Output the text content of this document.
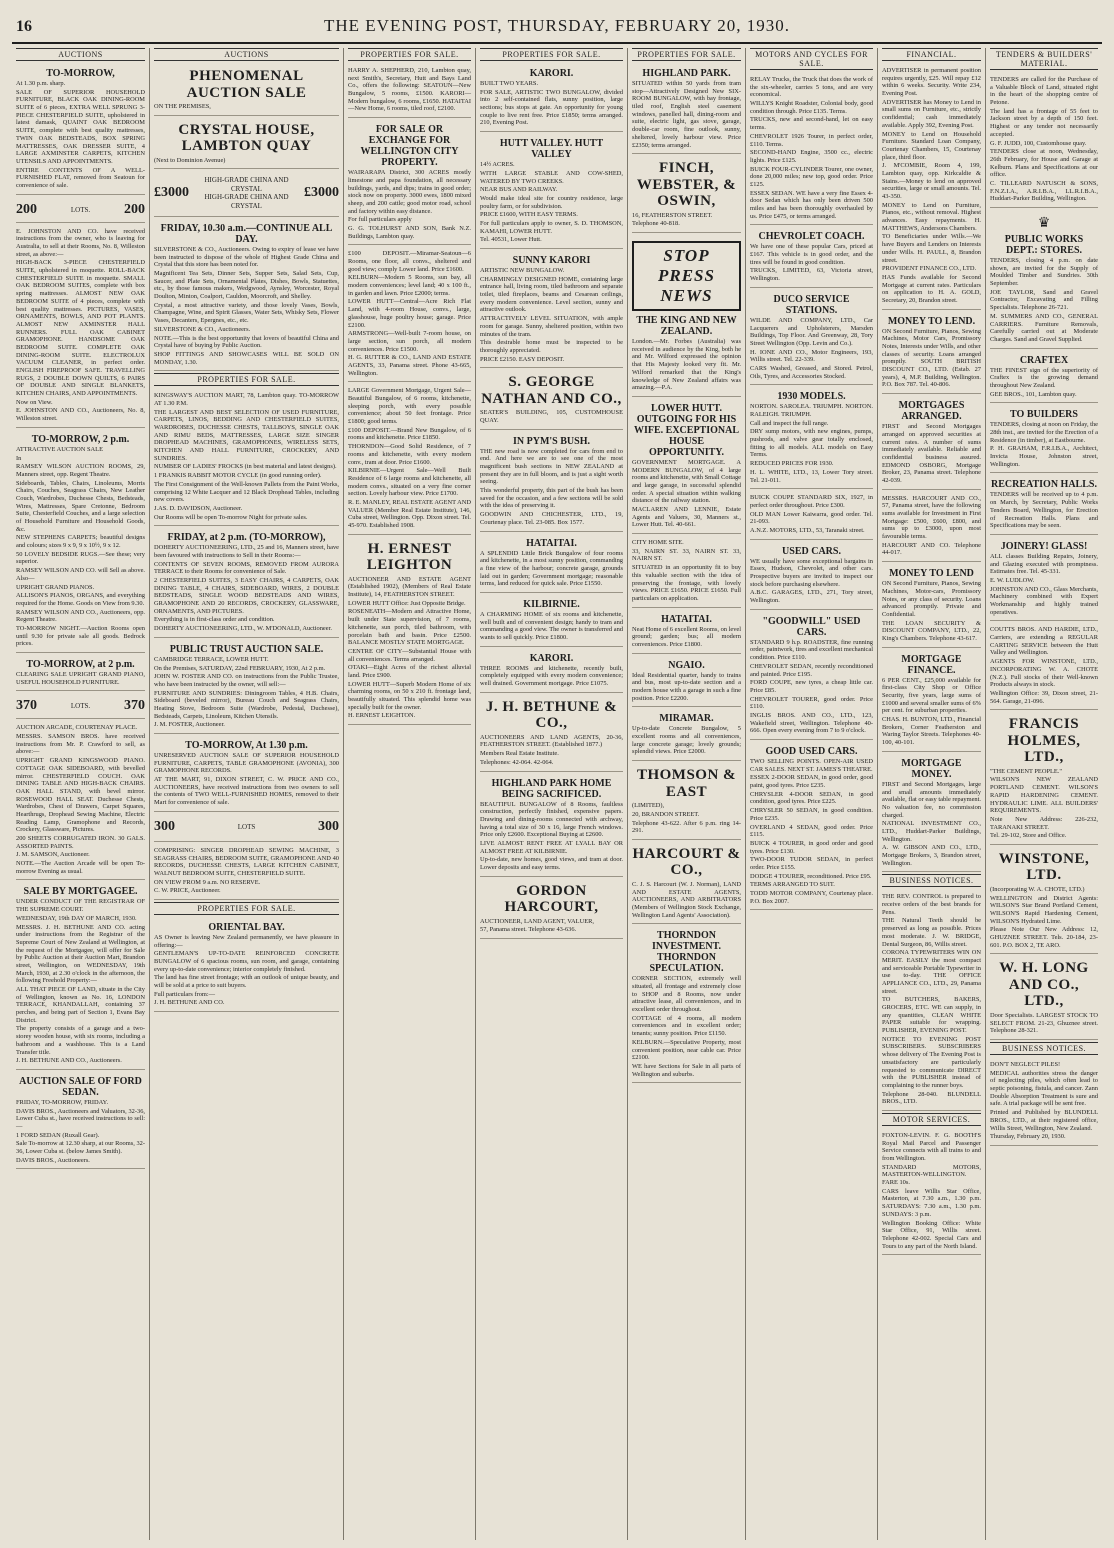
16	THE EVENING POST, THURSDAY, FEBRUARY 20, 1930.
AUCTIONS
TO-MORROW,
At 1.30 p.m. sharp.
SALE OF SUPERIOR HOUSEHOLD FURNITURE, BLACK OAK DINING-ROOM SUITE of 6 pieces, EXTRA WELL SPRUNG 3-PIECE CHESTERFIELD SUITE, upholstered in latest damask, QUAINT OAK BEDROOM SUITE, complete with best quality mattresses, TWIN OAK BEDSTEADS, BOX SPRING MATTRESSES, OAK DRESSER SUITE, 4 LARGE AXMINSTER CARPETS, KITCHEN UTENSILS AND APPOINTMENTS.
ENTIRE CONTENTS OF A WELL-FURNISHED FLAT, removed from Seatoun for convenience of sale.
200	LOTS. 200
E. JOHNSTON AND CO. have received instructions from the owner, who is leaving for Australia, to sell at their Rooms, No. 8, Willeston street, as above:—
HIGH-BACK 3-PIECE CHESTERFIELD SUITE, upholstered in moquette. ROLL-BACK CHESTERFIELD SUITE in moquette. SMALL OAK BEDROOM SUITES, complete with box spring mattresses. ALMOST NEW OAK BEDROOM SUITE of 4 pieces, complete with best quality mattresses. PICTURES, VASES, ORNAMENTS, BOWLS, AND POT PLANTS. ALMOST NEW AXMINSTER HALL RUNNERS. FULL OAK CABINET GRAMOPHONE. HANDSOME OAK BEDROOM SUITE. COMPLETE OAK DINING-ROOM SUITE. ELECTROLUX VACUUM CLEANER, in perfect order. ENGLISH FIREPROOF SAFE. TRAVELLING RUGS, 2 DOUBLE DOWN QUILTS, 6 PAIRS OF DOUBLE AND SINGLE BLANKETS, KITCHEN CHAIRS, AND APPOINTMENTS.
Now on View.
E. JOHNSTON AND CO., Auctioneers, No. 8, Willeston street.
TO-MORROW, 2 p.m.
ATTRACTIVE AUCTION SALE
In
RAMSEY WILSON AUCTION ROOMS, 29, Manners street, opp. Regent Theatre.
Sideboards, Tables, Chairs, Linoleums, Morris Chairs, Couches, Seagrass Chairs, New Leather Couch, Wardrobes, Duchesse Chests, Bedsteads, Wires, Mattresses, Spare Cretonne, Bedroom Suite, Chesterfield Couches, and a large selection of Household Furniture and Household Goods, &c.
NEW STEPHENS CARPETS; beautiful designs and colours; sizes 9 x 9, 9 x 10½, 9 x 12.
50 LOVELY BEDSIDE RUGS.—See these; very superior.
RAMSEY WILSON AND CO. will Sell as above. Also—
UPRIGHT GRAND PIANOS.
ALLISON'S PIANOS, ORGANS, and everything required for the Home. Goods on View from 9.30.
RAMSEY WILSON AND CO., Auctioneers, opp. Regent Theatre.
TO-MORROW NIGHT.—Auction Rooms open until 9.30 for private sale all goods. Bedrock prices.
TO-MORROW, at 2 p.m.
CLEARING SALE UPRIGHT GRAND PIANO, USEFUL HOUSEHOLD FURNITURE.
370	LOTS. 370
AUCTION ARCADE, COURTENAY PLACE.
MESSRS. SAMSON BROS. have received instructions from Mr. P. Crawford to sell, as above:—
UPRIGHT GRAND KINGSWOOD PIANO. COTTAGE OAK SIDEBOARD, with bevelled mirror. CHESTERFIELD COUCH. OAK DINING TABLE AND HIGH-BACK CHAIRS. OAK HALL STAND, with bevel mirror. ROSEWOOD HALL SEAT. Duchesse Chests, Wardrobes, Chest of Drawers, Carpet Squares, Hearthrugs, Drophead Sewing Machine, Electric Reading Lamp, Gramophone and Records, Crockery, Glassware, Pictures.
200 SHEETS CORRUGATED IRON. 30 GALS. ASSORTED PAINTS.
J. M. SAMSON, Auctioneer.
NOTE.—The Auction Arcade will be open To-morrow Evening as usual.
SALE BY MORTGAGEE.
UNDER CONDUCT OF THE REGISTRAR OF THE SUPREME COURT.
WEDNESDAY, 19th DAY OF MARCH, 1930.
MESSRS. J. H. BETHUNE AND CO. acting under instructions from the Registrar of the Supreme Court of New Zealand at Wellington, at the request of the Mortgagee, will offer for Sale by Public Auction at their Auction Mart, Brandon street, Wellington, on WEDNESDAY, 19th March, 1930, at 2.30 o'clock in the afternoon, the following Freehold Property:—
ALL THAT PIECE OF LAND, situate in the City of Wellington, known as No. 16, LONDON TERRACE, KHANDALLAH, containing 37 perches, and being part of Section 1, Evans Bay District.
The property consists of a garage and a two-storey wooden house, with six rooms, including a bathroom and a washhouse. This is a Land Transfer title.
J. H. BETHUNE AND CO., Auctioneers.
AUCTION SALE OF FORD SEDAN.
FRIDAY, TO-MORROW, FRIDAY.
DAVIS BROS., Auctioneers and Valuators, 32-36, Lower Cuba st., have received instructions to sell:—
1 FORD SEDAN (Ruxall Gear).
Sale To-morrow at 12.30 sharp, at our Rooms, 32-36, Lower Cuba st. (below James Smith).
DAVIS BROS., Auctioneers.
AUCTIONS
PHENOMENAL AUCTION SALE
ON THE PREMISES,
CRYSTAL HOUSE, LAMBTON QUAY
(Next to Dominion Avenue)
£3000
HIGH-GRADE CHINA AND CRYSTAL
HIGH-GRADE CHINA AND CRYSTAL
£3000
FRIDAY, 10.30 a.m.—CONTINUE ALL DAY.
SILVERSTONE & CO., Auctioneers. Owing to expiry of lease we have been instructed to dispose of the whole of Highest Grade China and Crystal that this store has been noted for.
Magnificent Tea Sets, Dinner Sets, Supper Sets, Salad Sets, Cup, Saucer, and Plate Sets, Ornamental Plates, Dishes, Bowls, Statuettes, etc., by those famous makers, Wedgwood, Aynsley, Worcester, Royal Doulton, Minton, Coalport, Cauldon, Moorcroft, and Shelley.
Crystal, a most attractive variety, and those lovely Vases, Bowls, Champagne, Wine, and Spirit Glasses, Water Sets, Whisky Sets, Flower Vases, Decanters, Epergnes, etc., etc.
SILVERSTONE & CO., Auctioneers.
NOTE.—This is the best opportunity that lovers of beautiful China and Crystal have of buying by Public Auction.
SHOP FITTINGS AND SHOWCASES WILL BE SOLD ON MONDAY, 1.30.
PROPERTIES FOR SALE.
KINGSWAY'S AUCTION MART, 78, Lambton quay. TO-MORROW AT 1.30 P.M.
THE LARGEST AND BEST SELECTION OF USED FURNITURE, CARPETS, LINOS, BEDDING AND CHESTERFIELD SUITES, WARDROBES, DUCHESSE CHESTS, TALLBOYS, SINGLE OAK AND RIMU BEDS, MATTRESSES, LARGE SIZE SINGER DROPHEAD MACHINES, GRAMOPHONES, WIRELESS SETS, KITCHEN AND HALL FURNITURE, CROCKERY, AND SUNDRIES.
NUMBER OF LADIES' FROCKS (in best material and latest designs).
1 FRANKIS RABBIT MOTOR CYCLE (in good running order).
The First Consignment of the Well-known Pallets from the Paint Works, comprising 12 White Lacquer and 12 Black Drophead Tables, including new covers.
J.AS. D. DAVIDSON, Auctioneer.
Our Rooms will be open To-morrow Night for private sales.
FRIDAY, at 2 p.m. (TO-MORROW),
DOHERTY AUCTIONEERING, LTD., 25 and 16, Manners street, have been favoured with instructions to Sell in their Rooms:—
CONTENTS OF SEVEN ROOMS, REMOVED FROM AURORA TERRACE to their Rooms for convenience of Sale.
2 CHESTERFIELD SUITES, 3 EASY CHAIRS, 4 CARPETS, OAK DINING TABLE, 4 CHAIRS, SIDEBOARD, WIRES, 2 DOUBLE BEDSTEADS, SINGLE WOOD BEDSTEADS AND WIRES, GRAMOPHONE AND 20 RECORDS, CROCKERY, GLASSWARE, ORNAMENTS, AND PICTURES.
Everything is in first-class order and condition.
DOHERTY AUCTIONEERING, LTD., W. M'DONALD, Auctioneer.
PUBLIC TRUST AUCTION SALE.
CAMBRIDGE TERRACE, LOWER HUTT.
On the Premises, SATURDAY, 22nd FEBRUARY, 1930, At 2 p.m.
JOHN W. FOSTER AND CO. on instructions from the Public Trustee, who have been instructed by the owner, will sell:—
FURNITURE AND SUNDRIES: Diningroom Tables, 4 H.B. Chairs, Sideboard (beveled mirror), Bureau Couch and Seagrass Chairs, Heating Stove, Bedroom Suite (Wardrobe, Pedestal, Duchesse), Bedsteads, Carpets, Linoleum, Kitchen Utensils.
J. M. FOSTER, Auctioneer.
TO-MORROW, At 1.30 p.m.
UNRESERVED AUCTION SALE OF SUPERIOR HOUSEHOLD FURNITURE, CARPETS, TABLE GRAMOPHONE (AVONIA), 300 GRAMOPHONE RECORDS.
AT THE MART, 91, DIXON STREET, C. W. PRICE AND CO., AUCTIONEERS, have received instructions from two owners to sell the contents of TWO WELL-FURNISHED HOMES, removed to their Mart for convenience of sale.
300	LOTS	300
COMPRISING: SINGER DROPHEAD SEWING MACHINE, 3 SEAGRASS CHAIRS, BEDROOM SUITE, GRAMOPHONE AND 40 RECORDS, DUCHESSE CHESTS, LARGE KITCHEN CABINET, WALNUT BEDROOM SUITE, CHESTERFIELD SUITE.
ON VIEW FROM 9 a.m. NO RESERVE.
C. W. PRICE, Auctioneer.
PROPERTIES FOR SALE.
ORIENTAL BAY.
AS Owner is leaving New Zealand permanently, we have pleasure in offering:—
GENTLEMAN'S UP-TO-DATE REINFORCED CONCRETE BUNGALOW of 6 spacious rooms, sun room, and garage, containing every up-to-date convenience; interior completely finished.
The land has fine street frontage; with an outlook of unique beauty, and will be sold at a price to suit buyers.
Full particulars from:—
J. H. BETHUNE AND CO.
PROPERTIES FOR SALE.
HARRY A. SHEPHERD, 210, Lambton quay, next Smith's, Secretary, Hutt and Bays Land Co., offers the following: SEATOUN—New Bungalow, 5 rooms, £1500. KARORI—Modern bungalow, 6 rooms, £1650. HATAITAI—New Home, 6 rooms, tiled roof, £2100.
FOR SALE OR EXCHANGE FOR WELLINGTON CITY PROPERTY.
WAIRARAPA District, 300 ACRES mostly limestone and papa foundation, all necessary buildings, yards, and dips; trains in good order; stock now on property. 3000 ewes, 1800 mixed sheep, and 200 cattle; good motor road, school and factory within easy distance.
For full particulars apply
G. G. TOLHURST AND SON, Bank N.Z. Buildings, Lambton quay.
£100 DEPOSIT.—Miramar-Seatoun—6 Rooms, one floor, all convs., sheltered and good view; comply Lower land. Price £1600.
KELBURN—Modern 5 Rooms, sun bay, all modern conveniences; level land; 40 x 100 ft., in garden and lawn. Price £2000; terms.
LOWER HUTT—Central—Acre Rich Flat Land, with 4-room House, convs., large, glasshouse, huge poultry house; garage. Price £2100.
ARMSTRONG—Well-built 7-room house, on large section, sun porch, all modern conveniences. Price £1500.
H. G. RUTTER & CO., LAND AND ESTATE AGENTS, 33, Panama street. Phone 43-665, Wellington.
LARGE Government Mortgage, Urgent Sale—Beautiful Bungalow, of 6 rooms, kitchenette, sleeping porch, with every possible convenience; about 50 feet frontage. Price £1800; good terms.
£100 DEPOSIT.—Brand New Bungalow, of 6 rooms and kitchenette. Price £1850.
THORNDON—Good Solid Residence, of 7 rooms and kitchenette, with every modern conv., tram at door. Price £1600.
KILBIRNIE—Urgent Sale—Well Built Residence of 6 large rooms and kitchenette, all modern convs., situated on a very fine corner section. Lovely harbour view. Price £1700.
R. E. MANLEY, REAL ESTATE AGENT AND VALUER (Member Real Estate Institute), 146, Cuba street, Wellington. Opp. Dixon street. Tel. 45-970. Established 1908.
H. ERNEST LEIGHTON
AUCTIONEER AND ESTATE AGENT (Established 1902), (Members of Real Estate Institute), 14, FEATHERSTON STREET.
LOWER HUTT Office: Just Opposite Bridge.
ROSENEATH—Modern and Attractive Home, built under State supervision, of 7 rooms, kitchenette, sun porch, tiled bathroom, with porcelain bath and basin. Price £2500. BALANCE MOSTLY STATE MORTGAGE.
CENTRE OF CITY—Substantial House with all conveniences. Terms arranged.
OTAKI—Eight Acres of the richest alluvial land. Price £900.
LOWER HUTT—Superb Modern Home of six charming rooms, on 50 x 210 ft. frontage land, beautifully situated. This splendid home was specially built for the owner.
H. ERNEST LEIGHTON.
PROPERTIES FOR SALE.
KARORI.
BUILT TWO YEARS.
FOR SALE, ARTISTIC TWO BUNGALOW, divided into 2 self-contained flats, sunny position, large sections; bus stops at gate. An opportunity for young couple to live rent free. Price £1850; terms arranged. 210, Evening Post.
HUTT VALLEY. HUTT VALLEY
14½ ACRES.
WITH LARGE STABLE AND COW-SHED, WATERED BY TWO CREEKS.
NEAR BUS AND RAILWAY.
Would make ideal site for country residence, large poultry farm, or for subdivision.
PRICE £1600, WITH EASY TERMS.
For full particulars apply to owner, S. D. THOMSON, KAMAHI, LOWER HUTT.
Tel. 40531, Lower Hutt.
SUNNY KARORI
ARTISTIC NEW BUNGALOW.
CHARMINGLY DESIGNED HOME, containing large entrance hall, living room, tiled bathroom and separate toilet, tiled fireplaces, beams and Cesarean ceilings, every modern convenience. Level section, sunny and attractive outlook.
ATTRACTIVELY LEVEL SITUATION, with ample room for garage. Sunny, sheltered position, within two minutes of the tram.
This desirable home must be inspected to be thoroughly appreciated.
PRICE £2150. EASY DEPOSIT.
S. GEORGE NATHAN AND CO.,
SEATER'S BUILDING, 105, CUSTOMHOUSE QUAY.
IN PYM'S BUSH.
THE new road is now completed for cars from end to end. And here we are to see one of the most magnificent bush sections in NEW ZEALAND at present they are in full bloom, and is just a sight worth seeing.
This wonderful property, this part of the bush has been saved for the occasion, and a few sections will be sold with the idea of preserving it.
GOODWIN AND CHICHESTER, LTD., 19, Courtenay place. Tel. 23-085. Box 1577.
HATAITAI.
A SPLENDID Little Brick Bungalow of four rooms and kitchenette, in a most sunny position, commanding a fine view of the harbour; concrete garage, grounds laid out in garden; Government mortgage; reasonable terms, land reduced for quick sale. Price £1550.
KILBIRNIE.
A CHARMING HOME of six rooms and kitchenette, well built and of convenient design; handy to tram and commanding a good view. The owner is transferred and wants to sell quickly. Price £1800.
KARORI.
THREE ROOMS and kitchenette, recently built, completely equipped with every modern convenience; well drained. Government mortgage. Price £1075.
J. H. BETHUNE & CO.,
AUCTIONEERS AND LAND AGENTS, 20-36, FEATHERSTON STREET. (Established 1877.)
Members Real Estate Institute.
Telephones: 42-064. 42-064.
HIGHLAND PARK HOME BEING SACRIFICED.
BEAUTIFUL BUNGALOW of 8 Rooms, faultless construction, perfectly finished, expensive papers. Drawing and dining-rooms connected with archway, having a total size of 30 x 16, large French windows. Price only £2600. Exceptional Buying at £2600.
LIVE ALMOST RENT FREE AT LYALL BAY OR ALMOST FREE AT KILBIRNIE.
Up-to-date, new homes, good views, and tram at door. Lower deposits and easy terms.
GORDON HARCOURT,
AUCTIONEER, LAND AGENT, VALUER,
57, Panama street. Telephone 43-636.
PROPERTIES FOR SALE.
HIGHLAND PARK.
SITUATED within 50 yards from tram stop—Attractively Designed New SIX-ROOM BUNGALOW, with bay frontage, tiled roof, English steel casement windows, panelled hall, dining-room and suite, electric light, gas stove, garage, double-car room, fine outlook, sunny, sheltered, lovely harbour view. Price £2350; terms arranged.
FINCH, WEBSTER, & OSWIN,
16, FEATHERSTON STREET.
Telephone 40-818.
STOP PRESS NEWS
THE KING AND NEW ZEALAND.
London.—Mr. Forbes (Australia) was received in audience by the King, both he and Mr. Wilford expressed the opinion that His Majesty looked very fit. Mr. Wilford remarked that the King's knowledge of New Zealand affairs was amazing.—P.A.
LOWER HUTT. OUTGOING FOR HIS WIFE. EXCEPTIONAL HOUSE OPPORTUNITY.
GOVERNMENT MORTGAGE. A MODERN BUNGALOW, of 4 large rooms and kitchenette, with Small Cottage and large garage, in successful splendid order. A special situation within walking distance of the railway station.
MACLAREN AND LENNIE, Estate Agents and Valuers, 30, Manners st., Lower Hutt. Tel. 40-661.
CITY HOME SITE.
33, NAIRN ST. 33, NAIRN ST. 33, NAIRN ST.
SITUATED in an opportunity fit to buy this valuable section with the idea of preserving the frontage, with lovely views. PRICE £1650. PRICE £1650. Full particulars on application.
HATAITAI.
Neat Home of 6 excellent Rooms, on level ground; garden; bus; all modern conveniences. Price £1800.
NGAIO.
Ideal Residential quarter, handy to trains and bus, most up-to-date section and a modern house with a garage in such a fine position. Price £2200.
MIRAMAR.
Up-to-date Concrete Bungalow, 5 excellent rooms and all conveniences, large concrete garage; lovely grounds; splendid views. Price £2000.
THOMSON & EAST
(LIMITED),
20, BRANDON STREET.
Telephone 43-622. After 6 p.m. ring 14-291.
HARCOURT & CO.,
C. J. S. Harcourt (W. J. Norman), LAND AND ESTATE AGENTS, AUCTIONEERS, AND ARBITRATORS (Members of Wellington Stock Exchange, Wellington Land Agents' Association).
THORNDON INVESTMENT. THORNDON SPECULATION.
CORNER SECTION, extremely well situated, all frontage and extremely close to SHOP and 8 Rooms, now under attractive lease, all conveniences, and in excellent order throughout.
COTTAGE of 4 rooms, all modern conveniences and in excellent order; tenants; sunny position. Price £1150.
KELBURN.—Speculative Property, most convenient position, near cable car. Price £2100.
WE have Sections for Sale in all parts of Wellington and suburbs.
MOTORS AND CYCLES FOR SALE.
RELAY Trucks, the Truck that does the work of the six-wheeler, carries 5 tons, and are very economical.
WILLYS Knight Roadster, Colonial body, good condition through. Price £135. Terms.
TRUCKS, new and second-hand, let on easy terms.
CHEVROLET 1926 Tourer, in perfect order, £110. Terms.
SECOND-HAND Engine, 3500 cc., electric lights. Price £125.
BUICK FOUR-CYLINDER Tourer, one owner, done 20,000 miles; new top, good order. Price £125.
ESSEX SEDAN. WE have a very fine Essex 4-door Sedan which has only been driven 500 miles and has been thoroughly overhauled by us. Price £475, or terms arranged.
CHEVROLET COACH.
We have one of these popular Cars, priced at £167. This vehicle is in good order, and the tires will be found in good condition.
TRUCKS, LIMITED, 63, Victoria street, Wellington.
DUCO SERVICE STATIONS.
WILDE AND COMPANY, LTD., Car Lacquerers and Upholsterers, Marsden Buildings, Top Floor. And Greenway, 28, Tory Street Wellington (Opp. Levin and Co.).
H. IONE AND CO., Motor Engineers, 193, Willis street. Tel. 22-339.
CARS Washed, Greased, and Stored. Petrol, Oils, Tyres, and Accessories Stocked.
1930 MODELS.
NORTON. SAROLEA. TRIUMPH. NORTON. RALEIGH. TRIUMPH.
Call and inspect the full range.
DRY sump motors, with new engines, pumps, pushrods, and valve gear totally enclosed, fitting to all models. ALL models on Easy Terms.
REDUCED PRICES FOR 1930.
H. L. WHITE, LTD., 13, Lower Tory street. Tel. 21-011.
BUICK COUPE STANDARD SIX, 1927, in perfect order throughout. Price £300.
OLD MAN Lower Kaiwarra, good order. Tel. 21-093.
A.N.Z. MOTORS, LTD., 53, Taranaki street.
USED CARS.
WE usually have some exceptional bargains in Essex, Hudson, Chevrolet, and other cars. Prospective buyers are invited to inspect our stock before purchasing elsewhere.
A.B.C. GARAGES, LTD., 271, Tory street, Wellington.
"GOODWILL" USED CARS.
STANDARD 9 h.p. ROADSTER, fine running order, paintwork, tires and excellent mechanical condition. Price £110.
CHEVROLET SEDAN, recently reconditioned and painted. Price £195.
FORD COUPE, new tyres, a cheap little car. Price £85.
CHEVROLET TOURER, good order. Price £110.
INGLIS BROS. AND CO., LTD., 123, Wakefield street, Wellington. Telephone 40-666. Open every evening from 7 to 9 o'clock.
GOOD USED CARS.
TWO SELLING POINTS. OPEN-AIR USED CAR SALES. NEXT ST. JAMES'S THEATRE.
ESSEX 2-DOOR SEDAN, in good order, good paint, good tyres. Price £235.
CHRYSLER 4-DOOR SEDAN, in good condition, good tyres. Price £225.
CHRYSLER 50 SEDAN, in good condition. Price £235.
OVERLAND 4 SEDAN, good order. Price £115.
BUICK 4 TOURER, in good order and good tyres. Price £130.
TWO-DOOR TUDOR SEDAN, in perfect order. Price £155.
DODGE 4 TOURER, reconditioned. Price £95.
TERMS ARRANGED TO SUIT.
TODD MOTOR COMPANY, Courtenay place. P.O. Box 2007.
FINANCIAL.
ADVERTISER in permanent position requires urgently, £25. Will repay £12 within 6 weeks. Security. Write 234, Evening Post.
ADVERTISER has Money to Lend in small sums on Furniture, etc., strictly confidential; cash immediately available. Apply 392, Evening Post.
MONEY to Lend on Household Furniture. Standard Loan Company, Courtenay Chambers, 15, Courtenay place, third floor.
J. M'COMBIE, Room 4, 199, Lambton quay, opp. Kirkcaldie & Stains.—Money to lend on approved securities, large or small amounts. Tel. 43-350.
MONEY to Lend on Furniture, Pianos, etc., without removal. Highest advances. Easy repayments. H. MATTHEWS, Andersons Chambers.
TO Beneficiaries under Wills.—We have Buyers and Lenders on Interests under Wills. H. PAULL, 8, Brandon street.
PROVIDENT FINANCE CO., LTD.
HAS Funds available for Second Mortgage at current rates. Particulars on application to H. A. GOLD, Secretary, 20, Brandon street.
MONEY TO LEND.
ON Second Furniture, Pianos, Sewing Machines, Motor Cars, Promissory Notes, Interests under Wills, and other classes of security. Loans arranged promptly. SOUTH BRITISH DISCOUNT CO., LTD. (Estab. 27 years), 4, M.P. Building, Wellington. P.O. Box 787. Tel. 40-806.
MORTGAGES ARRANGED.
FIRST and Second Mortgages arranged on approved securities at current rates. A number of sums immediately available. Reliable and confidential business assured. EDMOND OSBORG, Mortgage Broker, 23, Panama street. Telephone 42-039.
MESSRS. HARCOURT AND CO., 57, Panama street, have the following sums available for Investment in First Mortgage: £500, £600, £800, and sums up to £3000, upon most favourable terms.
HARCOURT AND CO. Telephone 44-017.
MONEY TO LEND
ON Second Furniture, Pianos, Sewing Machines, Motor-cars, Promissory Notes, or any class of security. Loans advanced promptly. Private and Confidential.
THE LOAN SECURITY & DISCOUNT COMPANY, LTD., 22, King's Chambers. Telephone 43-617.
MORTGAGE FINANCE.
6 PER CENT., £25,000 available for first-class City Shop or Office Security, five years, large sums of £1000 and several smaller sums of 6% per cent. for suburban properties.
CHAS. H. BUNTON, LTD., Financial Brokers, Corner Featherston and Waring Taylor Streets. Telephones 40-100, 40-101.
MORTGAGE MONEY.
FIRST and Second Mortgages, large and small amounts immediately available, flat or easy table repayment. No valuation fee, no commission charged.
NATIONAL INVESTMENT CO., LTD., Huddart-Parker Buildings, Wellington.
A. W. GIBSON AND CO., LTD., Mortgage Brokers, 3, Brandon street, Wellington.
BUSINESS NOTICES.
THE REV. CONTROL is prepared to receive orders of the best brands for Pens.
THE Natural Teeth should be preserved as long as possible. Prices most moderate. J. W. BRIDGE, Dental Surgeon, 86, Willis street.
CORONA TYPEWRITERS WIN ON MERIT. EASILY the most compact and serviceable Portable Typewriter in use to-day. THE OFFICE APPLIANCE CO., LTD., 29, Panama street.
TO BUTCHERS, BAKERS, GROCERS, ETC. WE can supply, in any quantities, CLEAN WHITE PAPER suitable for wrapping. PUBLISHER, EVENING POST.
NOTICE TO EVENING POST SUBSCRIBERS. SUBSCRIBERS whose delivery of The Evening Post is unsatisfactory are particularly requested to communicate DIRECT with the PUBLISHER instead of complaining to the runner boys.
Telephone 28-040. BLUNDELL BROS., LTD.
MOTOR SERVICES.
FOXTON-LEVIN. F. G. BOOTH'S Royal Mail Parcel and Passenger Service connects with all trains to and from Wellington.
STANDARD MOTORS, MASTERTON-WELLINGTON. FARE 10s.
CARS leave Willis Star Office, Masterton, at 7.30 a.m., 1.30 p.m. SATURDAYS: 7.30 a.m., 1.30 p.m. SUNDAYS: 3 p.m.
Wellington Booking Office: White Star Office, 91, Willis street. Telephone 42-002. Special Cars and Tours to any part of the North Island.
TENDERS & BUILDERS' MATERIAL.
TENDERS are called for the Purchase of a Valuable Block of Land, situated right in the heart of the shopping centre of Petone.
The land has a frontage of 55 feet to Jackson street by a depth of 150 feet. Highest or any tender not necessarily accepted.
G. F. JUDD, 100, Customhouse quay.
TENDERS close at noon, Wednesday, 26th February, for House and Garage at Kelburn. Plans and Specifications at our office.
C. TILLEARD NATUSCH & SONS, F.N.Z.I.A., A.R.I.B.A., LL.R.I.B.A., Huddart-Parker Building, Wellington.
♛
PUBLIC WORKS DEPT.: STORES.
TENDERS, closing 4 p.m. on date shown, are invited for the Supply of Moulded Timber and Sundries. 30th September.
JOE TAYLOR, Sand and Gravel Contractor, Excavating and Filling Specialists. Telephone 26-721.
M. SUMMERS AND CO., GENERAL CARRIERS. Furniture Removals, Carefully carried out at Moderate Charges. Sand and Gravel Supplied.
CRAFTEX
THE FINEST sign of the superiority of Craftex is the growing demand throughout New Zealand.
GEE BROS., 101, Lambton quay.
TO BUILDERS
TENDERS, closing at noon on Friday, the 28th inst., are invited for the Erection of a Residence (in timber), at Eastbourne.
P. H. GRAHAM, F.R.I.B.A., Architect, Invicta House, Johnston street, Wellington.
RECREATION HALLS.
TENDERS will be received up to 4 p.m. on March, by Secretary, Public Works Tenders Board, Wellington, for Erection of Recreation Halls. Plans and Specifications may be seen.
JOINERY! GLASS!
ALL classes Building Repairs, Joinery, and Glazing executed with promptness. Estimates free. Tel. 45-331.
E. W. LUDLOW.
JOHNSTON AND CO., Glass Merchants, Machinery combined with Expert Workmanship and highly trained operatives.
COUTTS BROS. AND HARDIE, LTD., Carriers, are extending a REGULAR CARTING SERVICE between the Hutt Valley and Wellington.
AGENTS FOR WINSTONE, LTD., INCORPORATING W. A. CHOTE (N.Z.). Full stocks of their Well-known Products always in stock.
Wellington Office: 39, Dixon street, 21-564. Garage, 21-096.
FRANCIS HOLMES, LTD.,
"THE CEMENT PEOPLE."
WILSON'S NEW ZEALAND PORTLAND CEMENT. WILSON'S RAPID HARDENING CEMENT. HYDRAULIC LIME. ALL BUILDERS' REQUIREMENTS.
Note New Address: 226-232, TARANAKI STREET.
Tel. 29-102, Store and Office.
WINSTONE, LTD.
(Incorporating W. A. CHOTE, LTD.)
WELLINGTON and District Agents: WILSON'S Star Brand Portland Cement, WILSON'S Rapid Hardening Cement, WILSON'S Hydrated Lime.
Please Note Our New Address: 12, GHUZNEE STREET. Tels. 20-184, 23-601. P.O. BOX 2, TE ARO.
W. H. LONG AND CO., LTD.,
Door Specialists. LARGEST STOCK TO SELECT FROM. 21-23, Ghuznee street. Telephone 28-321.
BUSINESS NOTICES.
DON'T NEGLECT PILES!
MEDICAL authorities stress the danger of neglecting piles, which often lead to septic poisoning, fistula, and cancer. Zann Double Absorption Treatment is sure and safe. A trial package will be sent free.
Printed and Published by BLUNDELL BROS., LTD., at their registered office, Willis Street, Wellington, New Zealand.
Thursday, February 20, 1930.
